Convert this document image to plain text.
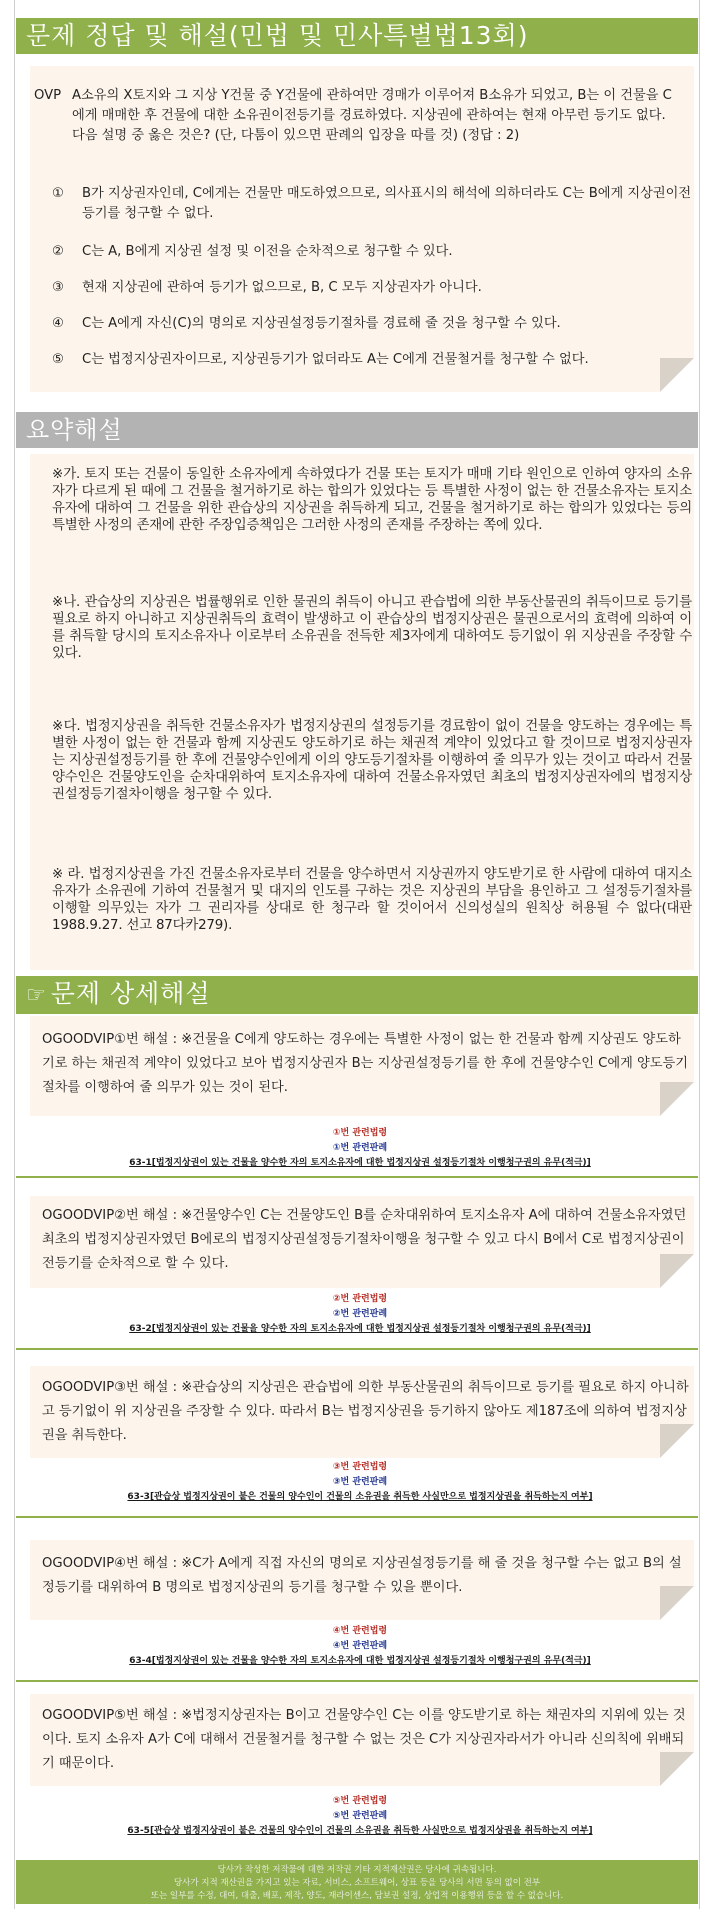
문제 정답 및 해설(민법 및 민사특별법13회)
OVP A소유의 X토지와 그 지상 Y건물 중 Y건물에 관하여만 경매가 이루어져 B소유가 되었고, B는 이 건물을 C에게 매매한 후 건물에 대한 소유권이전등기를 경료하였다. 지상권에 관하여는 현재 아무런 등기도 없다. 다음 설명 중 옳은 것은? (단, 다툼이 있으면 판례의 입장을 따를 것) (정답 : 2)
① B가 지상권자인데, C에게는 건물만 매도하였으므로, 의사표시의 해석에 의하더라도 C는 B에게 지상권이전등기를 청구할 수 없다.
② C는 A, B에게 지상권 설정 및 이전을 순차적으로 청구할 수 있다.
③ 현재 지상권에 관하여 등기가 없으므로, B, C 모두 지상권자가 아니다.
④ C는 A에게 자신(C)의 명의로 지상권설정등기절차를 경료해 줄 것을 청구할 수 있다.
⑤ C는 법정지상권자이므로, 지상권등기가 없더라도 A는 C에게 건물철거를 청구할 수 없다.
요약해설
※가. 토지 또는 건물이 동일한 소유자에게 속하였다가 건물 또는 토지가 매매 기타 원인으로 인하여 양자의 소유자가 다르게 된 때에 그 건물을 철거하기로 하는 합의가 있었다는 등 특별한 사정이 없는 한 건물소유자는 토지소유자에 대하여 그 건물을 위한 관습상의 지상권을 취득하게 되고, 건물을 철거하기로 하는 합의가 있었다는 등의 특별한 사정의 존재에 관한 주장입증책임은 그러한 사정의 존재를 주장하는 쪽에 있다.
※나. 관습상의 지상권은 법률행위로 인한 물권의 취득이 아니고 관습법에 의한 부동산물권의 취득이므로 등기를 필요로 하지 아니하고 지상권취득의 효력이 발생하고 이 관습상의 법정지상권은 물권으로서의 효력에 의하여 이를 취득할 당시의 토지소유자나 이로부터 소유권을 전득한 제3자에게 대하여도 등기없이 위 지상권을 주장할 수 있다.
※다. 법정지상권을 취득한 건물소유자가 법정지상권의 설정등기를 경료함이 없이 건물을 양도하는 경우에는 특별한 사정이 없는 한 건물과 함께 지상권도 양도하기로 하는 채권적 계약이 있었다고 할 것이므로 법정지상권자는 지상권설정등기를 한 후에 건물양수인에게 이의 양도등기절차를 이행하여 줄 의무가 있는 것이고 따라서 건물양수인은 건물양도인을 순차대위하여 토지소유자에 대하여 건물소유자였던 최초의 법정지상권자에의 법정지상권설정등기절차이행을 청구할 수 있다.
※ 라. 법정지상권을 가진 건물소유자로부터 건물을 양수하면서 지상권까지 양도받기로 한 사람에 대하여 대지소유자가 소유권에 기하여 건물철거 및 대지의 인도를 구하는 것은 지상권의 부담을 용인하고 그 설정등기절차를 이행할 의무있는 자가 그 권리자를 상대로 한 청구라 할 것이어서 신의성실의 원칙상 허용될 수 없다(대판 1988.9.27. 선고 87다카279).
☞ 문제 상세해설
OGOODVIP①번 해설 : ※건물을 C에게 양도하는 경우에는 특별한 사정이 없는 한 건물과 함께 지상권도 양도하기로 하는 채권적 계약이 있었다고 보아 법정지상권자 B는 지상권설정등기를 한 후에 건물양수인 C에게 양도등기절차를 이행하여 줄 의무가 있는 것이 된다.
①번 관련법령
①번 관련판례
63-1[법정지상권이 있는 건물을 양수한 자의 토지소유자에 대한 법정지상권 설정등기절차 이행청구권의 유무(적극)]
OGOODVIP②번 해설 : ※건물양수인 C는 건물양도인 B를 순차대위하여 토지소유자 A에 대하여 건물소유자였던 최초의 법정지상권자였던 B에로의 법정지상권설정등기절차이행을 청구할 수 있고 다시 B에서 C로 법정지상권이전등기를 순차적으로 할 수 있다.
②번 관련법령
②번 관련판례
63-2[법정지상권이 있는 건물을 양수한 자의 토지소유자에 대한 법정지상권 설정등기절차 이행청구권의 유무(적극)]
OGOODVIP③번 해설 : ※관습상의 지상권은 관습법에 의한 부동산물권의 취득이므로 등기를 필요로 하지 아니하고 등기없이 위 지상권을 주장할 수 있다. 따라서 B는 법정지상권을 등기하지 않아도 제187조에 의하여 법정지상권을 취득한다.
③번 관련법령
③번 관련판례
63-3[관습상 법정지상권이 붙은 건물의 양수인이 건물의 소유권을 취득한 사실만으로 법정지상권을 취득하는지 여부]
OGOODVIP④번 해설 : ※C가 A에게 직접 자신의 명의로 지상권설정등기를 해 줄 것을 청구할 수는 없고 B의 설정등기를 대위하여 B 명의로 법정지상권의 등기를 청구할 수 있을 뿐이다.
④번 관련법령
④번 관련판례
63-4[법정지상권이 있는 건물을 양수한 자의 토지소유자에 대한 법정지상권 설정등기절차 이행청구권의 유무(적극)]
OGOODVIP⑤번 해설 : ※법정지상권자는 B이고 건물양수인 C는 이를 양도받기로 하는 채권자의 지위에 있는 것이다. 토지 소유자 A가 C에 대해서 건물철거를 청구할 수 없는 것은 C가 지상권자라서가 아니라 신의칙에 위배되기 때문이다.
⑤번 관련법령
⑤번 관련판례
63-5[관습상 법정지상권이 붙은 건물의 양수인이 건물의 소유권을 취득한 사실만으로 법정지상권을 취득하는지 여부]
당사가 작성한 저작물에 대한 저작권 기타 지적재산권은 당사에 귀속됩니다.
당사가 지적 재산권을 가지고 있는 자료, 서비스, 소프트웨어, 상표 등을 당사의 서면 동의 없이 전부
또는 일부를 수정, 대여, 대출, 배포, 제작, 양도, 재라이센스, 담보권 설정, 상업적 이용행위 등을 할 수 없습니다.
